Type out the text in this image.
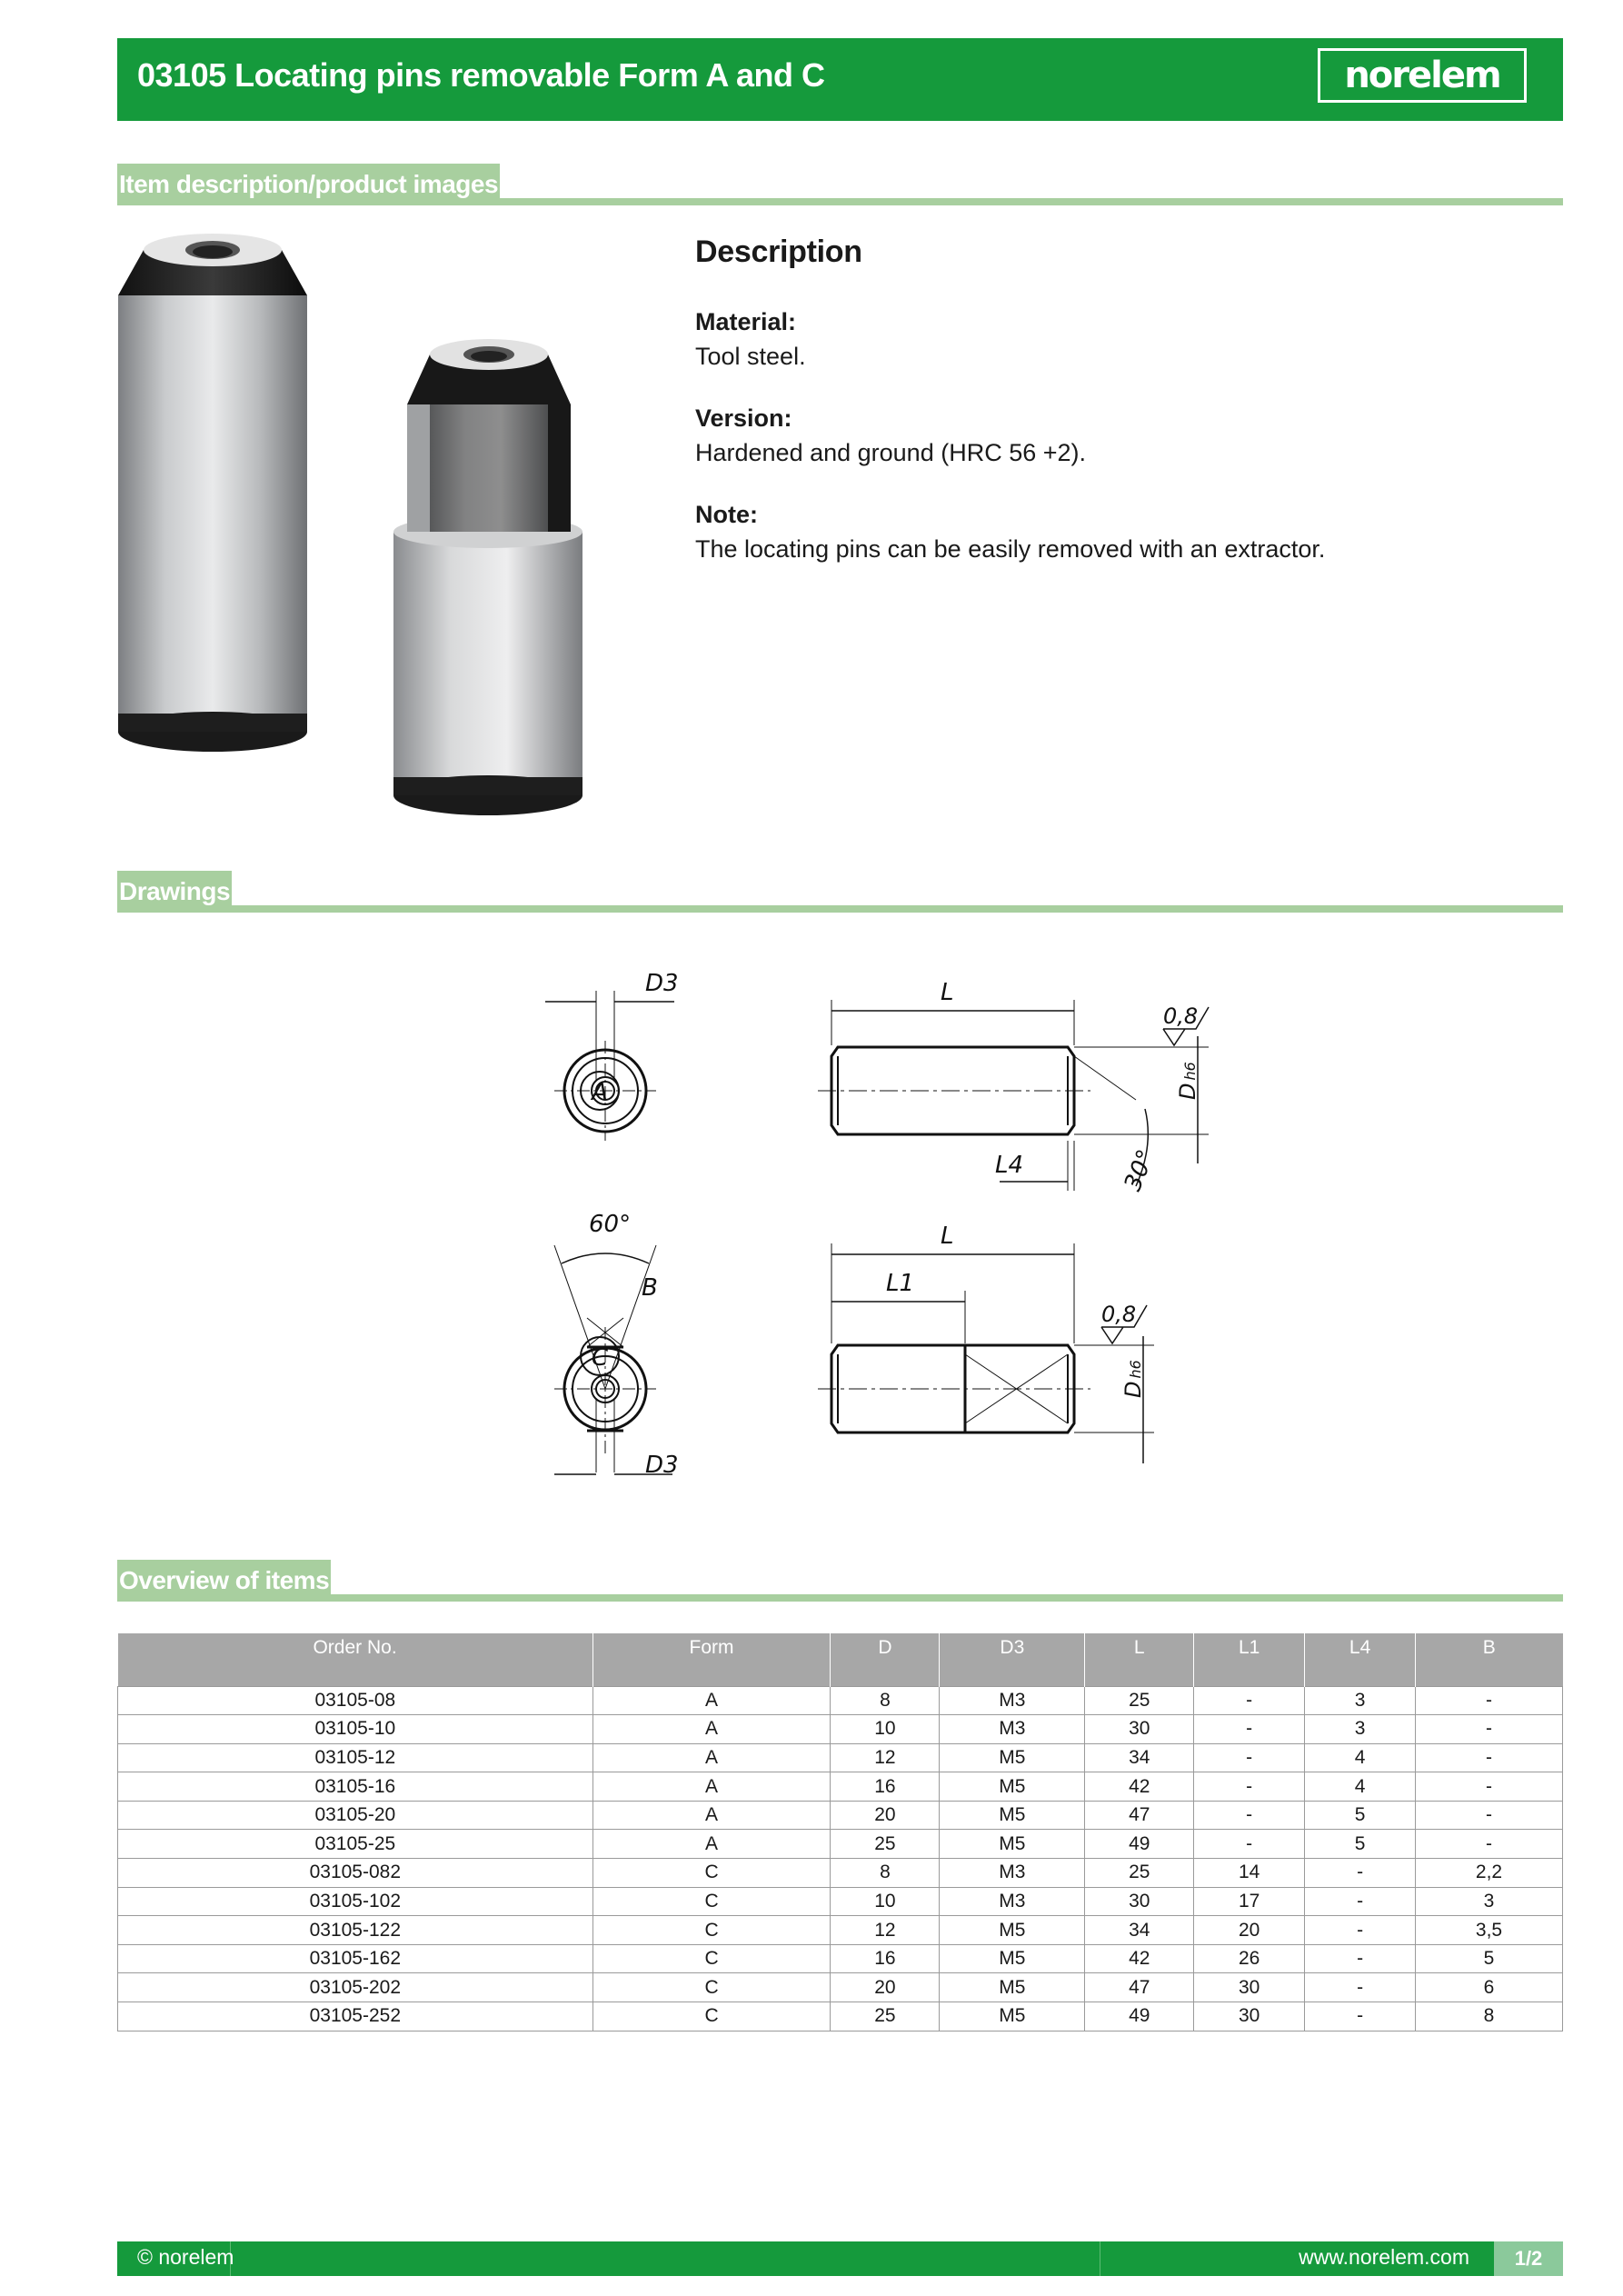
03105 Locating pins removable Form A and C	norelem
Item description/product images
Description
Material:
Tool steel.
Version:
Hardened and ground (HRC 56 +2).
Note:
The locating pins can be easily removed with an extractor.
Drawings
A
D3	L
L4	30°
Dh6
0,8
C
60°
B
D3
L
L1
Dh6
0,8
Overview of items
Order No.	Form	D	D3	L	L1	L4	B
03105-08	A	8	M3	25	-	3	-
03105-10	A	10	M3	30	-	3	-
03105-12	A	12	M5	34	-	4	-
03105-16	A	16	M5	42	-	4	-
03105-20	A	20	M5	47	-	5	-
03105-25	A	25	M5	49	-	5	-
03105-082	C	8	M3	25	14	-	2,2
03105-102	C	10	M3	30	17	-	3
03105-122	C	12	M5	34	20	-	3,5
03105-162	C	16	M5	42	26	-	5
03105-202	C	20	M5	47	30	-	6
03105-252	C	25	M5	49	30	-	8
© norelem	www.norelem.com	1/2
